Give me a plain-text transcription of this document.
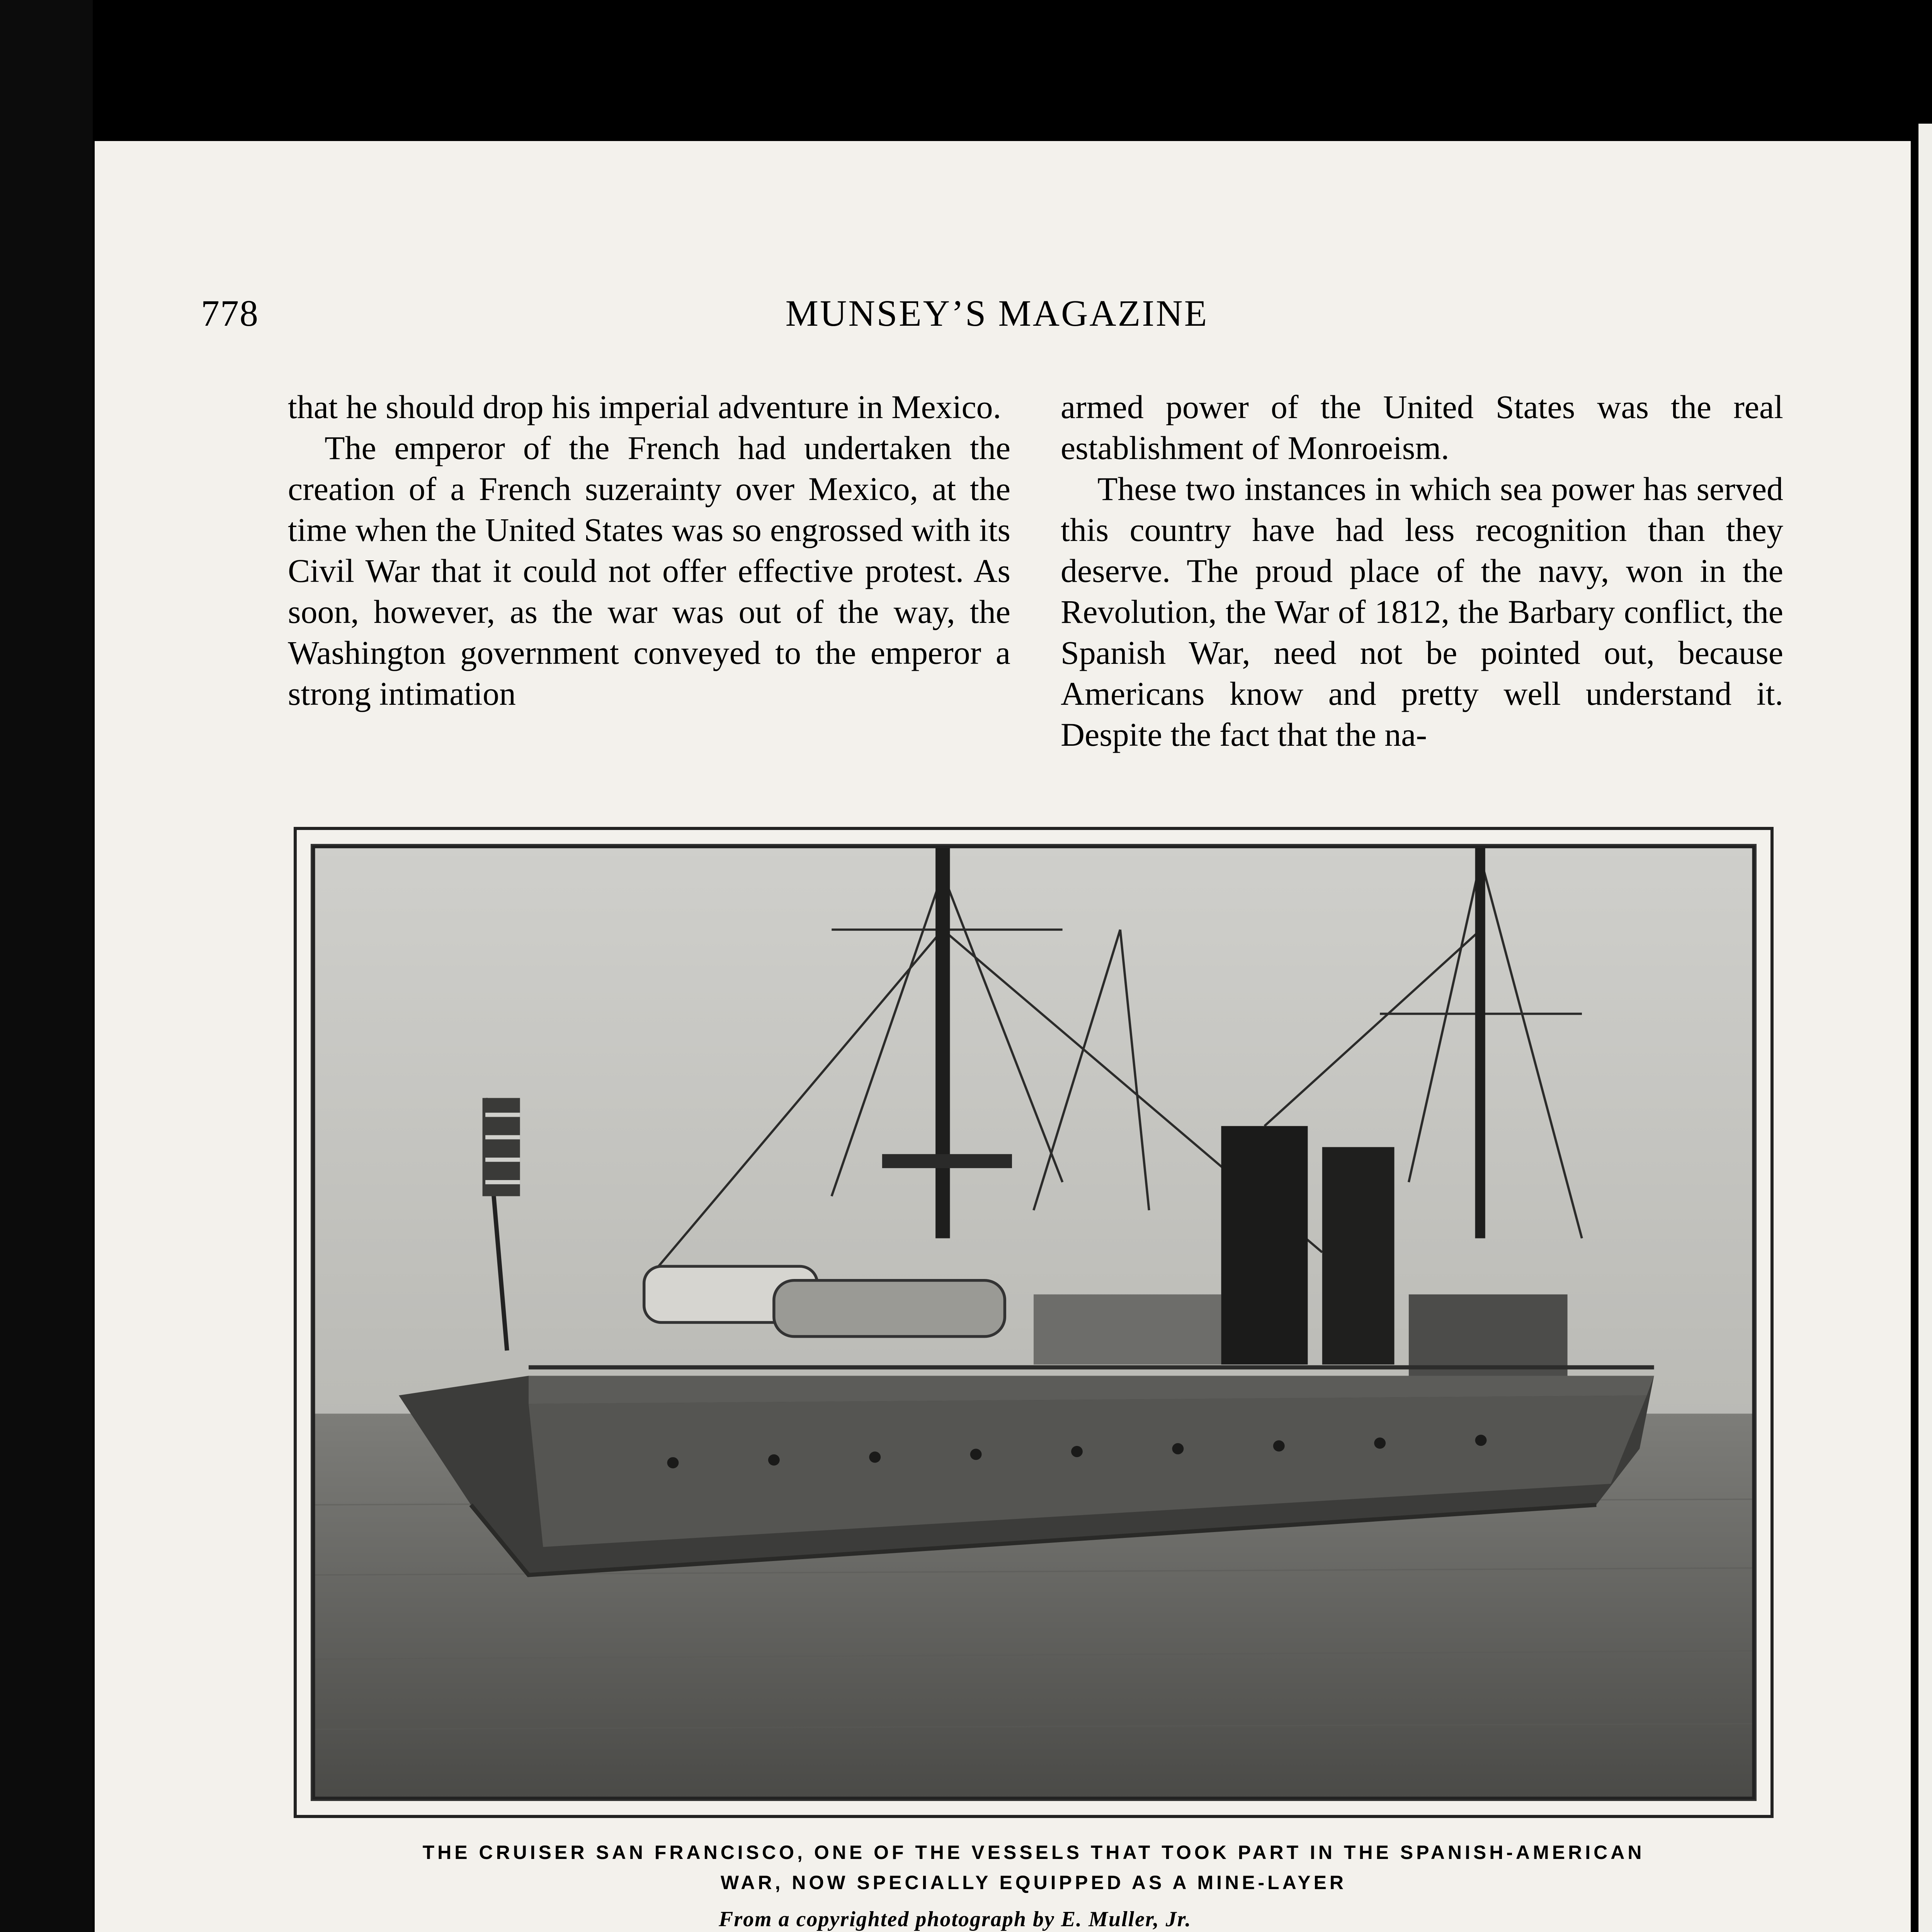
778	MUNSEY’S MAGAZINE

that he should drop his imperial adventure in Mexico.

The emperor of the French had undertaken the creation of a French suzerainty over Mexico, at the time when the United States was so engrossed with its Civil War that it could not offer effective protest. As soon, however, as the war was out of the way, the Washington government conveyed to the emperor a strong intimation

armed power of the United States was the real establishment of Monroeism.

These two instances in which sea power has served this country have had less recognition than they deserve. The proud place of the navy, won in the Revolution, the War of 1812, the Barbary conflict, the Spanish War, need not be pointed out, because Americans know and pretty well understand it. Despite the fact that the na-

THE CRUISER SAN FRANCISCO, ONE OF THE VESSELS THAT TOOK PART IN THE SPANISH-AMERICAN
WAR, NOW SPECIALLY EQUIPPED AS A MINE-LAYER
From a copyrighted photograph by E. Muller, Jr.
